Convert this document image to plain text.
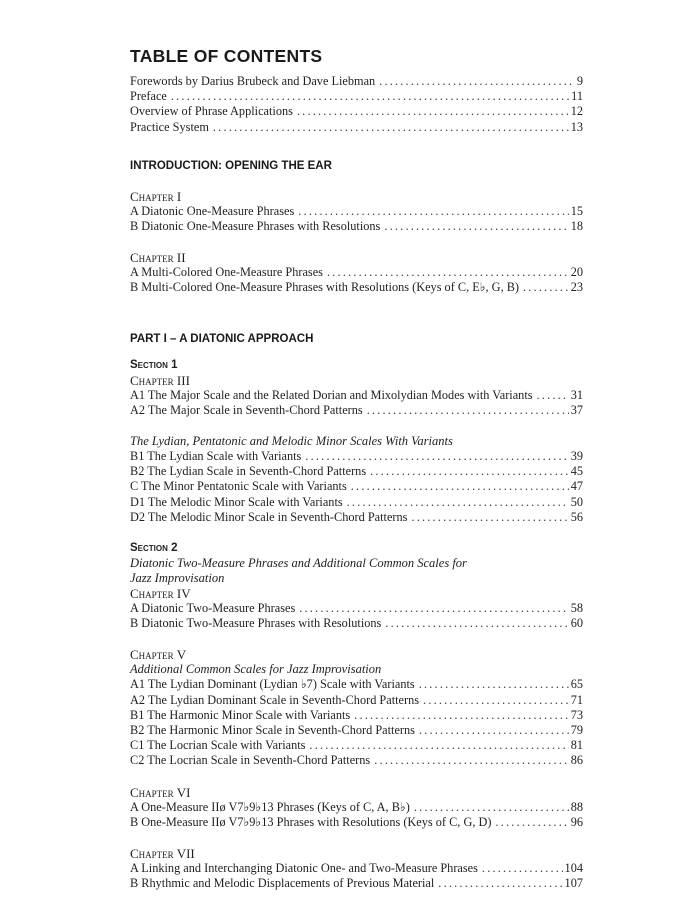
TABLE OF CONTENTS
Forewords by Darius Brubeck and Dave Liebman .....	9
Preface .....	11
Overview of Phrase Applications .....	12
Practice System .....	13
INTRODUCTION: OPENING THE EAR
Chapter I
A Diatonic One-Measure Phrases .....	15
B Diatonic One-Measure Phrases with Resolutions .....	18
Chapter II
A Multi-Colored One-Measure Phrases .....	20
B Multi-Colored One-Measure Phrases with Resolutions (Keys of C, E♭, G, B) .....	23
PART I – A DIATONIC APPROACH
Section 1
Chapter III
A1 The Major Scale and the Related Dorian and Mixolydian Modes with Variants .....	31
A2 The Major Scale in Seventh-Chord Patterns .....	37
The Lydian, Pentatonic and Melodic Minor Scales With Variants
B1 The Lydian Scale with Variants .....	39
B2 The Lydian Scale in Seventh-Chord Patterns .....	45
C The Minor Pentatonic Scale with Variants .....	47
D1 The Melodic Minor Scale with Variants .....	50
D2 The Melodic Minor Scale in Seventh-Chord Patterns .....	56
Section 2
Diatonic Two-Measure Phrases and Additional Common Scales for
Jazz Improvisation
Chapter IV
A Diatonic Two-Measure Phrases .....	58
B Diatonic Two-Measure Phrases with Resolutions .....	60
Chapter V
Additional Common Scales for Jazz Improvisation
A1 The Lydian Dominant (Lydian ♭7) Scale with Variants .....	65
A2 The Lydian Dominant Scale in Seventh-Chord Patterns .....	71
B1 The Harmonic Minor Scale with Variants .....	73
B2 The Harmonic Minor Scale in Seventh-Chord Patterns .....	79
C1 The Locrian Scale with Variants .....	81
C2 The Locrian Scale in Seventh-Chord Patterns .....	86
Chapter VI
A One-Measure IIø V7♭9♭13 Phrases (Keys of C, A, B♭) .....	88
B One-Measure IIø V7♭9♭13 Phrases with Resolutions (Keys of C, G, D) .....	96
Chapter VII
A Linking and Interchanging Diatonic One- and Two-Measure Phrases .....	104
B Rhythmic and Melodic Displacements of Previous Material .....	107
